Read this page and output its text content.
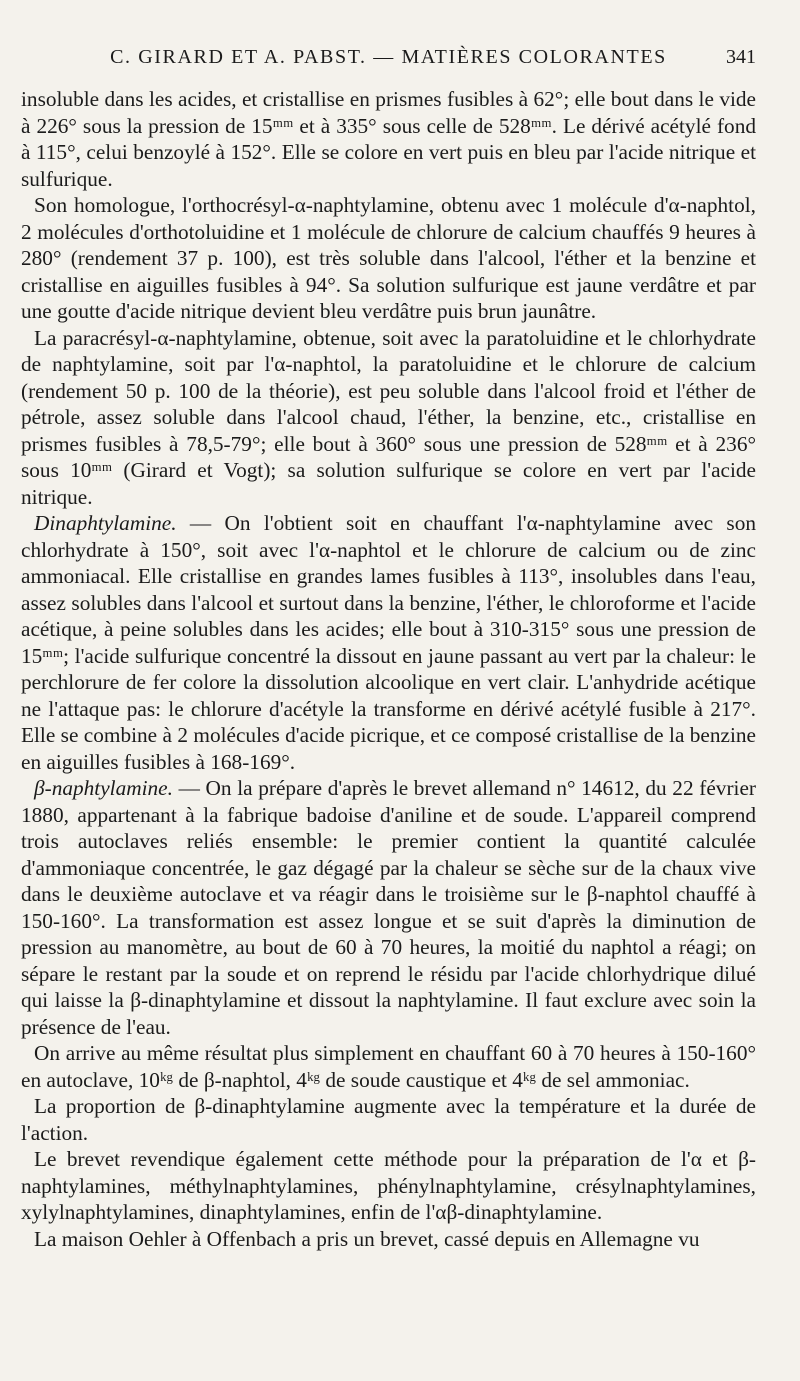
C. GIRARD ET A. PABST. — MATIÈRES COLORANTES	341

insoluble dans les acides, et cristallise en prismes fusibles à 62°; elle bout dans le vide à 226° sous la pression de 15ᵐᵐ et à 335° sous celle de 528ᵐᵐ. Le dérivé acétylé fond à 115°, celui benzoylé à 152°. Elle se colore en vert puis en bleu par l'acide nitrique et sulfurique.

Son homologue, l'orthocrésyl-α-naphtylamine, obtenu avec 1 molécule d'α-naphtol, 2 molécules d'orthotoluidine et 1 molécule de chlorure de calcium chauffés 9 heures à 280° (rendement 37 p. 100), est très soluble dans l'alcool, l'éther et la benzine et cristallise en aiguilles fusibles à 94°. Sa solution sulfurique est jaune verdâtre et par une goutte d'acide nitrique devient bleu verdâtre puis brun jaunâtre.

La paracrésyl-α-naphtylamine, obtenue, soit avec la paratoluidine et le chlorhydrate de naphtylamine, soit par l'α-naphtol, la paratoluidine et le chlorure de calcium (rendement 50 p. 100 de la théorie), est peu soluble dans l'alcool froid et l'éther de pétrole, assez soluble dans l'alcool chaud, l'éther, la benzine, etc., cristallise en prismes fusibles à 78,5-79°; elle bout à 360° sous une pression de 528ᵐᵐ et à 236° sous 10ᵐᵐ (Girard et Vogt); sa solution sulfurique se colore en vert par l'acide nitrique.

Dinaphtylamine. — On l'obtient soit en chauffant l'α-naphtylamine avec son chlorhydrate à 150°, soit avec l'α-naphtol et le chlorure de calcium ou de zinc ammoniacal. Elle cristallise en grandes lames fusibles à 113°, insolubles dans l'eau, assez solubles dans l'alcool et surtout dans la benzine, l'éther, le chloroforme et l'acide acétique, à peine solubles dans les acides; elle bout à 310-315° sous une pression de 15ᵐᵐ; l'acide sulfurique concentré la dissout en jaune passant au vert par la chaleur: le perchlorure de fer colore la dissolution alcoolique en vert clair. L'anhydride acétique ne l'attaque pas: le chlorure d'acétyle la transforme en dérivé acétylé fusible à 217°. Elle se combine à 2 molécules d'acide picrique, et ce composé cristallise de la benzine en aiguilles fusibles à 168-169°.

β-naphtylamine. — On la prépare d'après le brevet allemand n° 14612, du 22 février 1880, appartenant à la fabrique badoise d'aniline et de soude. L'appareil comprend trois autoclaves reliés ensemble: le premier contient la quantité calculée d'ammoniaque concentrée, le gaz dégagé par la chaleur se sèche sur de la chaux vive dans le deuxième autoclave et va réagir dans le troisième sur le β-naphtol chauffé à 150-160°. La transformation est assez longue et se suit d'après la diminution de pression au manomètre, au bout de 60 à 70 heures, la moitié du naphtol a réagi; on sépare le restant par la soude et on reprend le résidu par l'acide chlorhydrique dilué qui laisse la β-dinaphtylamine et dissout la naphtylamine. Il faut exclure avec soin la présence de l'eau.

On arrive au même résultat plus simplement en chauffant 60 à 70 heures à 150-160° en autoclave, 10ᵏᵍ de β-naphtol, 4ᵏᵍ de soude caustique et 4ᵏᵍ de sel ammoniac.

La proportion de β-dinaphtylamine augmente avec la température et la durée de l'action.

Le brevet revendique également cette méthode pour la préparation de l'α et β-naphtylamines, méthylnaphtylamines, phénylnaphtylamine, crésylnaphtylamines, xylylnaphtylamines, dinaphtylamines, enfin de l'αβ-dinaphtylamine.

La maison Oehler à Offenbach a pris un brevet, cassé depuis en Allemagne vu
